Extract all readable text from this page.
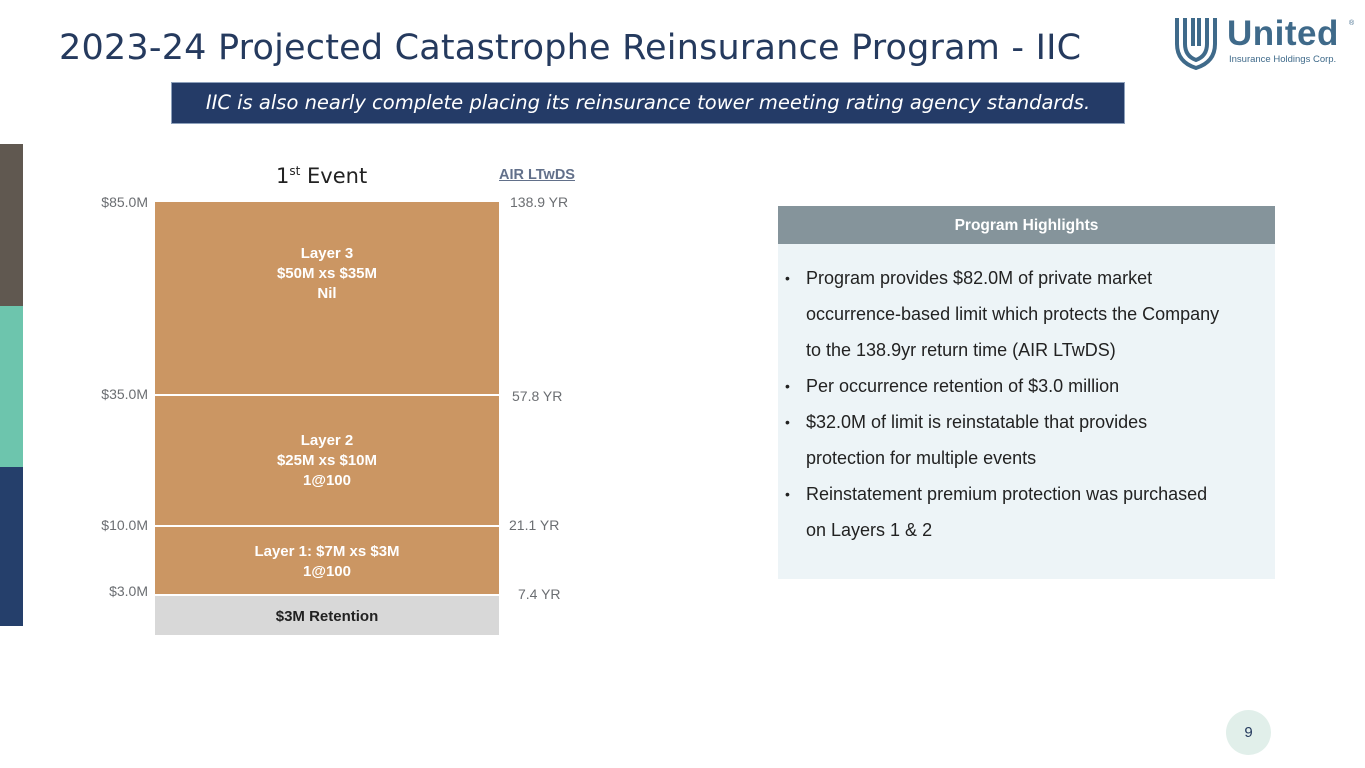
2023-24 Projected Catastrophe Reinsurance Program - IIC	United ®
Insurance Holdings Corp.
IIC is also nearly complete placing its reinsurance tower meeting rating agency standards.
1st Event	AIR LTwDS
$85.0M
$35.0M
$10.0M
$3.0M
138.9 YR
57.8 YR
21.1 YR
7.4 YR
Layer 3
$50M xs $35M
Nil
Layer 2
$25M xs $10M
1@100
Layer 1: $7M xs $3M
1@100
$3M Retention
Program Highlights
• Program provides $82.0M of private market
occurrence-based limit which protects the Company
to the 138.9yr return time (AIR LTwDS)
• Per occurrence retention of $3.0 million
• $32.0M of limit is reinstatable that provides
protection for multiple events
• Reinstatement premium protection was purchased
on Layers 1 & 2
9
